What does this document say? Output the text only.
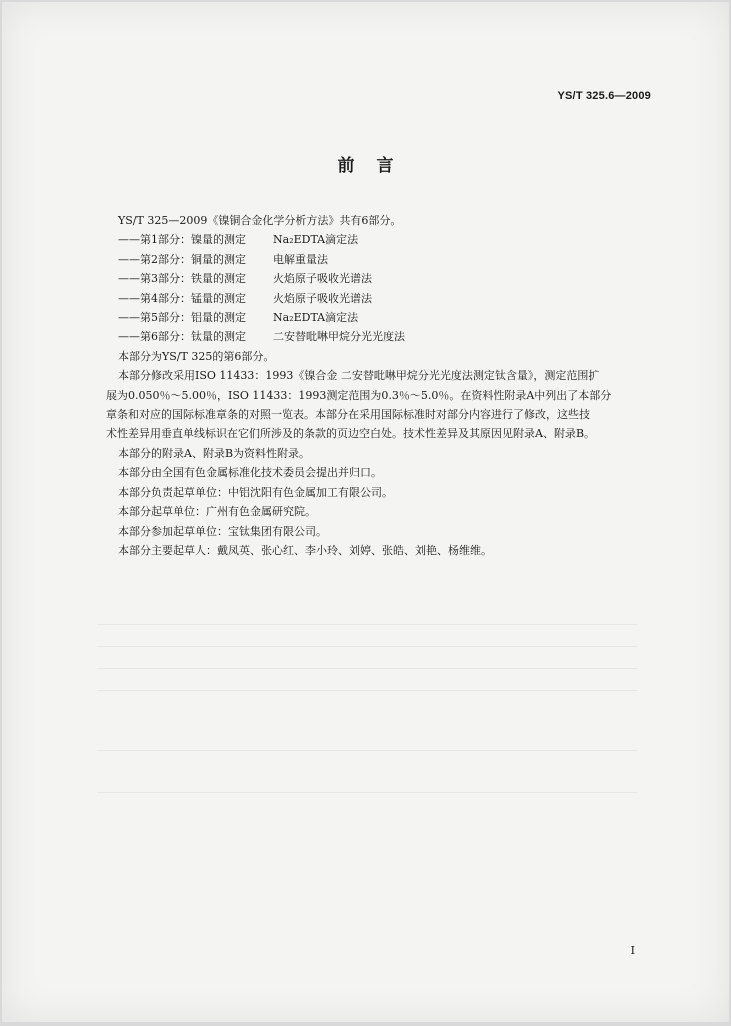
YS/T 325.6—2009
前言
YS/T 325—2009《镍铜合金化学分析方法》共有6部分。
——第1部分：镍量的测定 Na₂EDTA滴定法
——第2部分：铜量的测定 电解重量法
——第3部分：铁量的测定 火焰原子吸收光谱法
——第4部分：锰量的测定 火焰原子吸收光谱法
——第5部分：铝量的测定 Na₂EDTA滴定法
——第6部分：钛量的测定 二安替吡啉甲烷分光光度法
本部分为YS/T 325的第6部分。
本部分修改采用ISO 11433：1993《镍合金 二安替吡啉甲烷分光光度法测定钛含量》，测定范围扩
展为0.050％～5.00％，ISO 11433：1993测定范围为0.3％～5.0％。在资料性附录A中列出了本部分
章条和对应的国际标准章条的对照一览表。本部分在采用国际标准时对部分内容进行了修改，这些技
术性差异用垂直单线标识在它们所涉及的条款的页边空白处。技术性差异及其原因见附录A、附录B。
本部分的附录A、附录B为资料性附录。
本部分由全国有色金属标准化技术委员会提出并归口。
本部分负责起草单位：中铝沈阳有色金属加工有限公司。
本部分起草单位：广州有色金属研究院。
本部分参加起草单位：宝钛集团有限公司。
本部分主要起草人：戴凤英、张心红、李小玲、刘婷、张皓、刘艳、杨维维。
I
